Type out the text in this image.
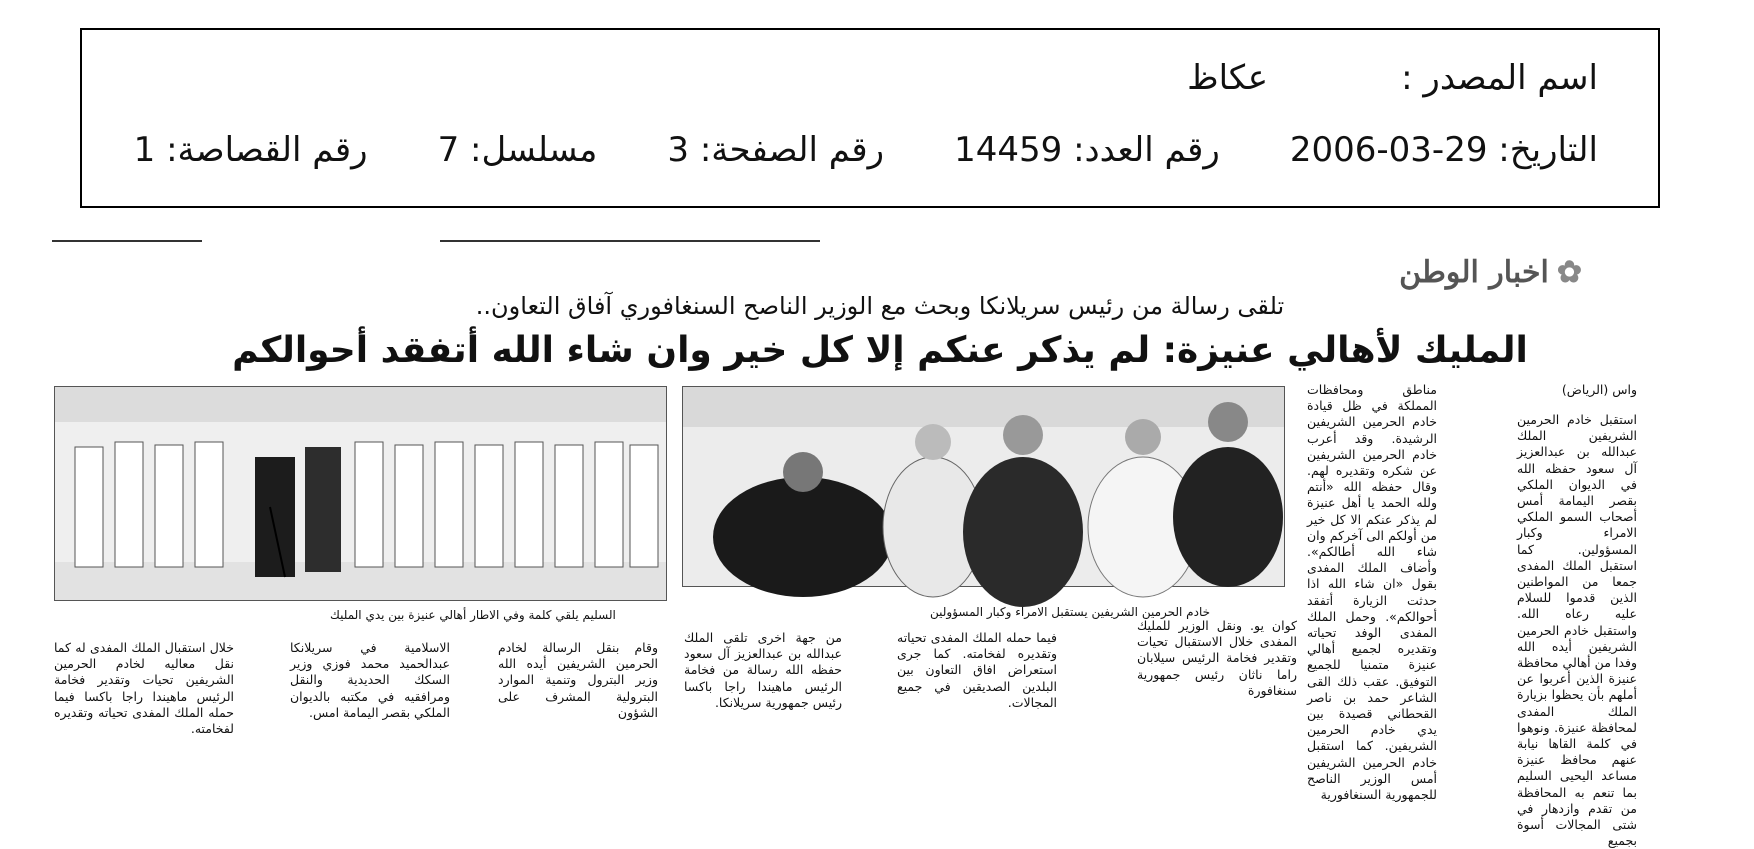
اسم المصدر :
عكاظ
التاريخ: 29-03-2006
رقم العدد: 14459
رقم الصفحة: 3
مسلسل: 7
رقم القصاصة: 1
✿اخبار الوطن
تلقى رسالة من رئيس سريلانكا وبحث مع الوزير الناصح السنغافوري آفاق التعاون..
المليك لأهالي عنيزة: لم يذكر عنكم إلا كل خير وان شاء الله أتفقد أحوالكم
واس (الرياض)
استقبل خادم الحرمين الشريفين الملك عبدالله بن عبدالعزيز آل سعود حفظه الله في الديوان الملكي بقصر اليمامة أمس أصحاب السمو الملكي الامراء وكبار المسؤولين. كما استقبل الملك المفدى جمعا من المواطنين الذين قدموا للسلام عليه رعاه الله. واستقبل خادم الحرمين الشريفين أيده الله وفدا من أهالي محافظة عنيزة الذين أعربوا عن أملهم بأن يحظوا بزيارة الملك المفدى لمحافظة عنيزة. ونوهوا في كلمة القاها نيابة عنهم محافظ عنيزة مساعد اليحيى السليم بما تنعم به المحافظة من تقدم وازدهار في شتى المجالات أسوة بجميع
مناطق ومحافظات المملكة في ظل قيادة خادم الحرمين الشريفين الرشيدة. وقد أعرب خادم الحرمين الشريفين عن شكره وتقديره لهم. وقال حفظه الله «أنتم ولله الحمد يا أهل عنيزة لم يذكر عنكم الا كل خير من أولكم الى آخركم وان شاء الله أطالكم». وأضاف الملك المفدى بقول «ان شاء الله اذا حدثت الزيارة أتفقد أحوالكم». وحمل الملك المفدى الوفد تحياته وتقديره لجميع أهالي عنيزة متمنيا للجميع التوفيق. عقب ذلك القى الشاعر حمد بن ناصر القحطاني قصيدة بين يدي خادم الحرمين الشريفين. كما استقبل خادم الحرمين الشريفين أمس الوزير الناصح للجمهورية السنغافورية
خادم الحرمين الشريفين يستقبل الامراء وكبار المسؤولين
السليم يلقي كلمة وفي الاطار أهالي عنيزة بين يدي المليك
كوان يو. ونقل الوزير للمليك المفدى خلال الاستقبال تحيات وتقدير فخامة الرئيس سيلابان راما ناثان رئيس جمهورية سنغافورة
فيما حمله الملك المفدى تحياته وتقديره لفخامته. كما جرى استعراض افاق التعاون بين البلدين الصديقين في جميع المجالات.
من جهة اخرى تلقى الملك عبدالله بن عبدالعزيز آل سعود حفظه الله رسالة من فخامة الرئيس ماهيندا راجا باكسا رئيس جمهورية سريلانكا.
وقام بنقل الرسالة لخادم الحرمين الشريفين أيده الله وزير البترول وتنمية الموارد البترولية المشرف على الشؤون
الاسلامية في سريلانكا عبدالحميد محمد فوزي وزير السكك الحديدية والنقل ومرافقيه في مكتبه بالديوان الملكي بقصر اليمامة امس.
خلال استقبال الملك المفدى له كما نقل معاليه لخادم الحرمين الشريفين تحيات وتقدير فخامة الرئيس ماهيندا راجا باكسا فيما حمله الملك المفدى تحياته وتقديره لفخامته.
